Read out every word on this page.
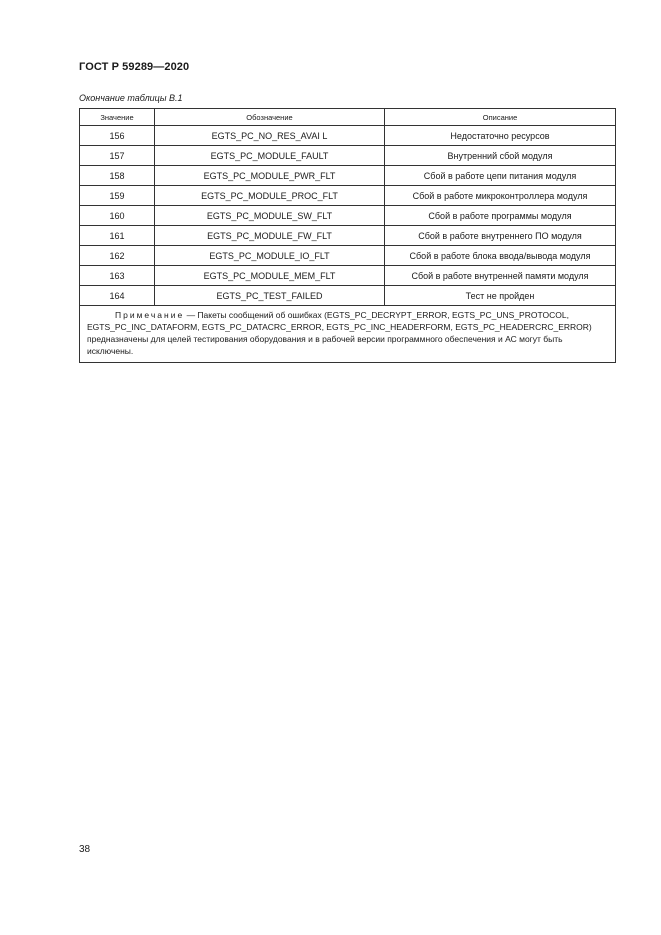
ГОСТ Р 59289—2020
Окончание таблицы В.1
Значение	Обозначение	Описание
156	EGTS_PC_NO_RES_AVAI L	Недостаточно ресурсов
157	EGTS_PC_MODULE_FAULT	Внутренний сбой модуля
158	EGTS_PC_MODULE_PWR_FLT	Сбой в работе цепи питания модуля
159	EGTS_PC_MODULE_PROC_FLT	Сбой в работе микроконтроллера модуля
160	EGTS_PC_MODULE_SW_FLT	Сбой в работе программы модуля
161	EGTS_PC_MODULE_FW_FLT	Сбой в работе внутреннего ПО модуля
162	EGTS_PC_MODULE_IO_FLT	Сбой в работе блока ввода/вывода модуля
163	EGTS_PC_MODULE_MEM_FLT	Сбой в работе внутренней памяти модуля
164	EGTS_PC_TEST_FAILED	Тест не пройден
Примечание — Пакеты сообщений об ошибках (EGTS_PC_DECRYPT_ERROR, EGTS_PC_UNS_PROTOCOL, EGTS_PC_INC_DATAFORM, EGTS_PC_DATACRC_ERROR, EGTS_PC_INC_HEADERFORM, EGTS_PC_HEADERCRC_ERROR) предназначены для целей тестирования оборудования и в рабочей версии программного обеспечения и АС могут быть исключены.		
38
